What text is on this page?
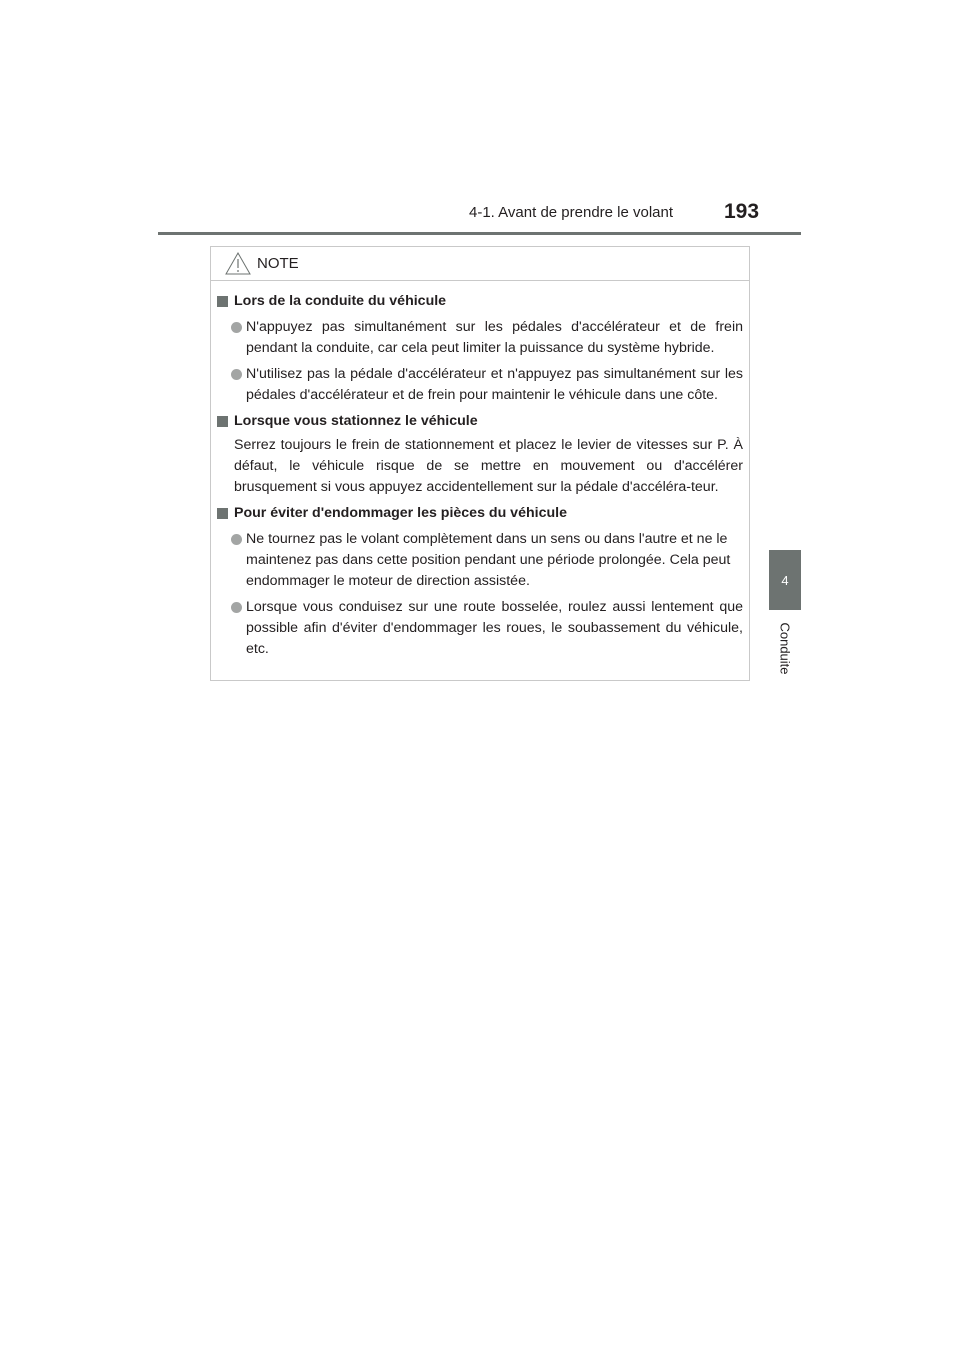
4-1. Avant de prendre le volant 193
4
Conduite
NOTE
Lors de la conduite du véhicule
N'appuyez pas simultanément sur les pédales d'accélérateur et de frein pendant la conduite, car cela peut limiter la puissance du système hybride.
N'utilisez pas la pédale d'accélérateur et n'appuyez pas simultanément sur les pédales d'accélérateur et de frein pour maintenir le véhicule dans une côte.
Lorsque vous stationnez le véhicule
Serrez toujours le frein de stationnement et placez le levier de vitesses sur P. À défaut, le véhicule risque de se mettre en mouvement ou d'accélérer brusquement si vous appuyez accidentellement sur la pédale d'accéléra-teur.
Pour éviter d'endommager les pièces du véhicule
Ne tournez pas le volant complètement dans un sens ou dans l'autre et ne le maintenez pas dans cette position pendant une période prolongée. Cela peut endommager le moteur de direction assistée.
Lorsque vous conduisez sur une route bosselée, roulez aussi lentement que possible afin d'éviter d'endommager les roues, le soubassement du véhicule, etc.
